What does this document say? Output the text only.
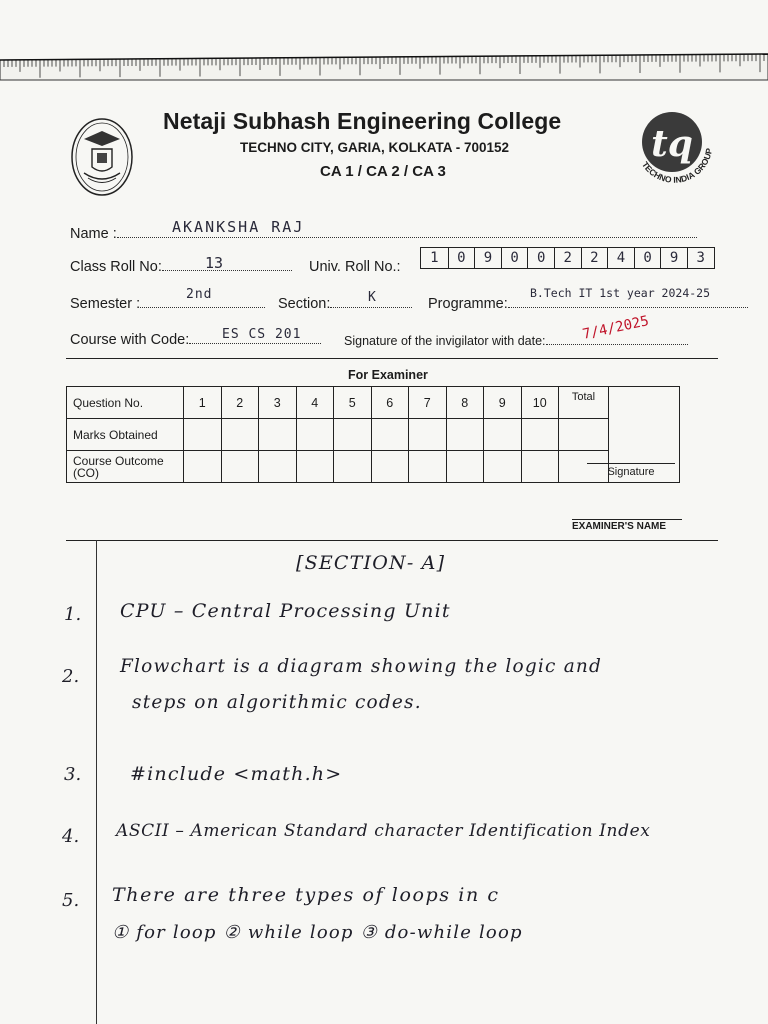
tq
TECHNO INDIA GROUP
Netaji Subhash Engineering College
TECHNO CITY, GARIA, KOLKATA - 700152
CA 1 / CA 2 / CA 3
Name :	AKANKSHA RAJ
Class Roll No:	13	Univ. Roll No.:
1	0	9	0	0	2	2	4	0	9	3
Semester :
2nd
Section:	K	Programme:
B.Tech IT 1st year 2024-25
Course with Code:	ES CS 201	Signature of the invigilator with date:	7/4/2025
For Examiner
Question No.	1	2	3	4	5	6	7	8	9	10	Total	Signature

Marks Obtained												
Course Outcome (CO)												
EXAMINER'S NAME
[SECTION- A]
1. CPU – Central Processing Unit
2. Flowchart is a diagram showing the logic and
steps on algorithmic codes.
3.	#include <math.h>
4. ASCII – American Standard character Identification Index
5. There are three types of loops in c
① for loop ② while loop ③ do-while loop
